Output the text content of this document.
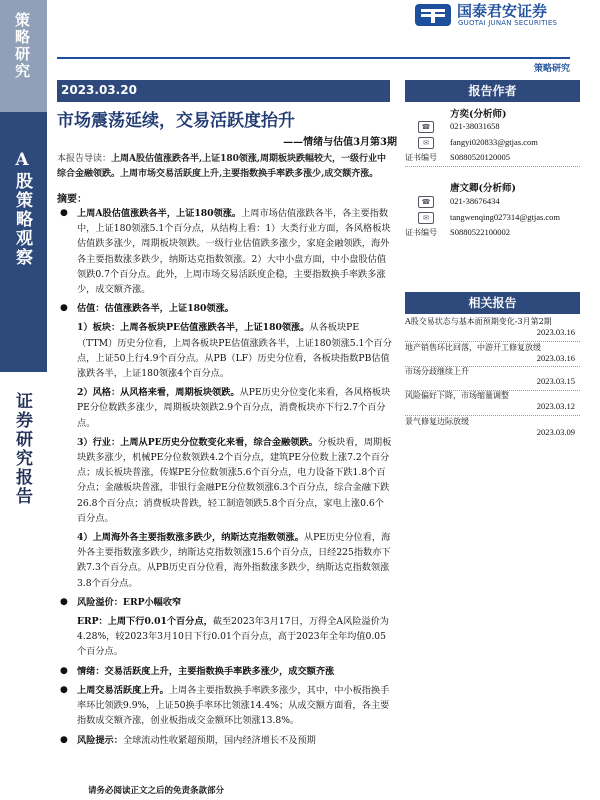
策略研究
A股策略观察
证券研究报告
国泰君安证券
GUOTAI JUNAN SECURITIES
策略研究
2023.03.20
市场震荡延续，交易活跃度抬升
——情绪与估值3月第3期
本报告导读：上周A股估值涨跌各半,上证180领涨,周期板块跌幅较大，一级行业中综合金融领跌。上周市场交易活跃度上升,主要指数换手率跌多涨少,成交额齐涨。
摘要：

● 上周A股估值涨跌各半，上证180领涨。上周市场估值涨跌各半，各主要指数中，上证180领涨5.1个百分点，从结构上看：1）大类行业方面，各风格板块估值跌多涨少，周期板块领跌。一级行业估值跌多涨少，家庭金融领跌，海外各主要指数涨多跌少，纳斯达克指数领涨。2）大中小盘方面，中小盘股估值领跌0.7个百分点。此外，上周市场交易活跃度企稳，主要指数换手率跌多涨少，成交额齐涨。

● 估值：估值涨跌各半，上证180领涨。

1）板块：上周各板块PE估值涨跌各半，上证180领涨。从各板块PE（TTM）历史分位看，上周各板块PE估值涨跌各半，上证180领涨5.1个百分点，上证50上行4.9个百分点。从PB（LF）历史分位看，各板块指数PB估值涨跌各半，上证180领涨4个百分点。

2）风格：从风格来看，周期板块领跌。从PE历史分位变化来看，各风格板块PE分位数跌多涨少，周期板块领跌2.9个百分点，消费板块亦下行2.7个百分点。

3）行业：上周从PE历史分位数变化来看，综合金融领跌。分板块看，周期板块跌多涨少，机械PE分位数领跌4.2个百分点，建筑PE分位数上涨7.2个百分点；成长板块普涨，传媒PE分位数领涨5.6个百分点，电力设备下跌1.8个百分点；金融板块普涨，非银行金融PE分位数领涨6.3个百分点，综合金融下跌26.8个百分点；消费板块普跌，轻工制造领跌5.8个百分点，家电上涨0.6个百分点。

4）上周海外各主要指数涨多跌少，纳斯达克指数领涨。从PE历史分位看，海外各主要指数涨多跌少，纳斯达克指数领涨15.6个百分点，日经225指数亦下跌7.3个百分点。从PB历史百分位看，海外指数涨多跌少，纳斯达克指数领涨3.8个百分点。

● 风险溢价：ERP小幅收窄

ERP：上周下行0.01个百分点，截至2023年3月17日，万得全A风险溢价为4.28%，较2023年3月10日下行0.01个百分点，高于2023年全年均值0.05个百分点。

● 情绪：交易活跃度上升，主要指数换手率跌多涨少，成交额齐涨

● 上周交易活跃度上升。上周各主要指数换手率跌多涨少，其中，中小板指换手率环比领跌9.9%，上证50换手率环比领涨14.4%；从成交额方面看，各主要指数成交额齐涨，创业板指成交金额环比领涨13.8%。

● 风险提示：全球流动性收紧超预期，国内经济增长不及预期

报告作者
方奕(分析师)
☎	021-38031658
✉	fangyi020833@gtjas.com
证书编号 S0880520120005
唐文卿(分析师)
☎	021-38676434
✉	tangwenqing027314@gtjas.com
证书编号 S0880522100002
相关报告
A股交易状态与基本面预期变化-3月第2期
2023.03.16
地产销售环比回落，中游开工修复放缓
2023.03.16
市场分歧继续上升
2023.03.15
风险偏好下降，市场缩量调整
2023.03.12
景气修复边际放缓
2023.03.09
请务必阅读正文之后的免责条款部分
